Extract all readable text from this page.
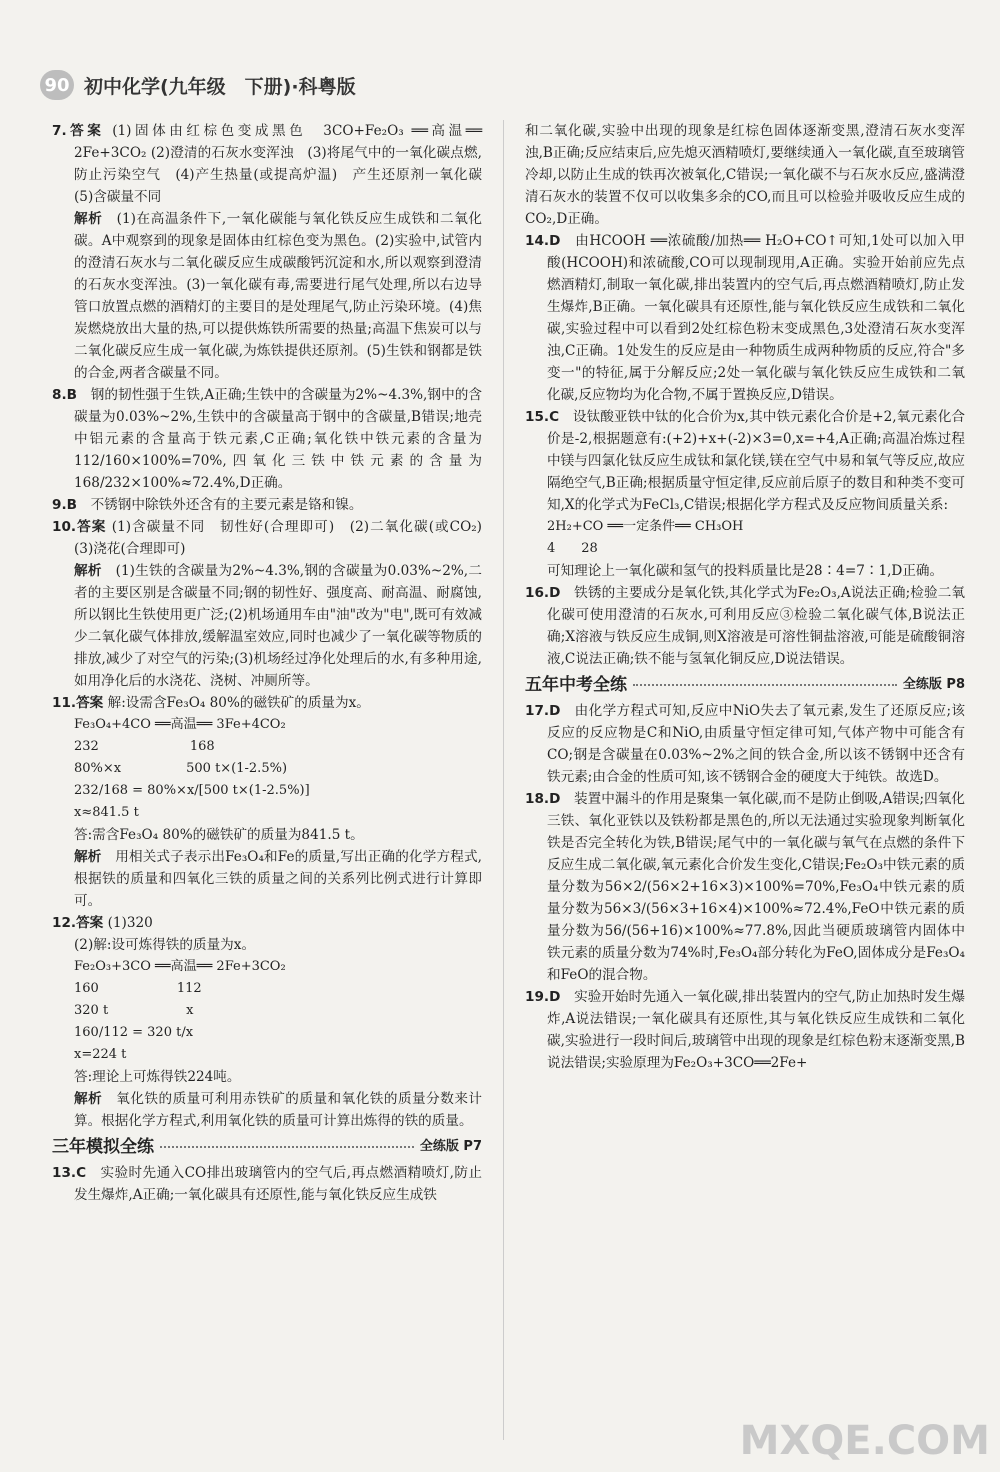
90 初中化学(九年级　下册)·科粤版

7.答案 (1)固体由红棕色变成黑色　3CO+Fe₂O₃ ══高温══ 2Fe+3CO₂ (2)澄清的石灰水变浑浊　(3)将尾气中的一氧化碳点燃,防止污染空气　(4)产生热量(或提高炉温)　产生还原剂一氧化碳　(5)含碳量不同

解析　(1)在高温条件下,一氧化碳能与氧化铁反应生成铁和二氧化碳。A中观察到的现象是固体由红棕色变为黑色。(2)实验中,试管内的澄清石灰水与二氧化碳反应生成碳酸钙沉淀和水,所以观察到澄清的石灰水变浑浊。(3)一氧化碳有毒,需要进行尾气处理,所以右边导管口放置点燃的酒精灯的主要目的是处理尾气,防止污染环境。(4)焦炭燃烧放出大量的热,可以提供炼铁所需要的热量;高温下焦炭可以与二氧化碳反应生成一氧化碳,为炼铁提供还原剂。(5)生铁和钢都是铁的合金,两者含碳量不同。

8.B　钢的韧性强于生铁,A正确;生铁中的含碳量为2%~4.3%,钢中的含碳量为0.03%~2%,生铁中的含碳量高于钢中的含碳量,B错误;地壳中铝元素的含量高于铁元素,C正确;氧化铁中铁元素的含量为112/160×100%=70%,四氧化三铁中铁元素的含量为168/232×100%≈72.4%,D正确。

9.B　不锈钢中除铁外还含有的主要元素是铬和镍。

10.答案 (1)含碳量不同　韧性好(合理即可)　(2)二氧化碳(或CO₂)　(3)浇花(合理即可)

解析　(1)生铁的含碳量为2%~4.3%,钢的含碳量为0.03%~2%,二者的主要区别是含碳量不同;钢的韧性好、强度高、耐高温、耐腐蚀,所以钢比生铁使用更广泛;(2)机场通用车由"油"改为"电",既可有效减少二氧化碳气体排放,缓解温室效应,同时也减少了一氧化碳等物质的排放,减少了对空气的污染;(3)机场经过净化处理后的水,有多种用途,如用净化后的水浇花、浇树、冲厕所等。

11.答案 解:设需含Fe₃O₄ 80%的磁铁矿的质量为x。

Fe₃O₄+4CO ══高温══ 3Fe+4CO₂

232　　　　　　　168

80%×x　　　　　500 t×(1-2.5%)

232/168 = 80%×x/[500 t×(1-2.5%)]

x≈841.5 t

答:需含Fe₃O₄ 80%的磁铁矿的质量为841.5 t。

解析　用相关式子表示出Fe₃O₄和Fe的质量,写出正确的化学方程式,根据铁的质量和四氧化三铁的质量之间的关系列比例式进行计算即可。

12.答案 (1)320

(2)解:设可炼得铁的质量为x。

Fe₂O₃+3CO ══高温══ 2Fe+3CO₂

160　　　　　　112

320 t　　　　　　x

160/112 = 320 t/x

x=224 t

答:理论上可炼得铁224吨。

解析　氧化铁的质量可利用赤铁矿的质量和氧化铁的质量分数来计算。根据化学方程式,利用氧化铁的质量可计算出炼得的铁的质量。

三年模拟全练	全练版 P7

13.C　实验时先通入CO排出玻璃管内的空气后,再点燃酒精喷灯,防止发生爆炸,A正确;一氧化碳具有还原性,能与氧化铁反应生成铁

和二氧化碳,实验中出现的现象是红棕色固体逐渐变黑,澄清石灰水变浑浊,B正确;反应结束后,应先熄灭酒精喷灯,要继续通入一氧化碳,直至玻璃管冷却,以防止生成的铁再次被氧化,C错误;一氧化碳不与石灰水反应,盛满澄清石灰水的装置不仅可以收集多余的CO,而且可以检验并吸收反应生成的CO₂,D正确。

14.D　由HCOOH ══浓硫酸/加热══ H₂O+CO↑可知,1处可以加入甲酸(HCOOH)和浓硫酸,CO可以现制现用,A正确。实验开始前应先点燃酒精灯,制取一氧化碳,排出装置内的空气后,再点燃酒精喷灯,防止发生爆炸,B正确。一氧化碳具有还原性,能与氧化铁反应生成铁和二氧化碳,实验过程中可以看到2处红棕色粉末变成黑色,3处澄清石灰水变浑浊,C正确。1处发生的反应是由一种物质生成两种物质的反应,符合"多变一"的特征,属于分解反应;2处一氧化碳与氧化铁反应生成铁和二氧化碳,反应物均为化合物,不属于置换反应,D错误。

15.C　设钛酸亚铁中钛的化合价为x,其中铁元素化合价是+2,氧元素化合价是-2,根据题意有:(+2)+x+(-2)×3=0,x=+4,A正确;高温冶炼过程中镁与四氯化钛反应生成钛和氯化镁,镁在空气中易和氧气等反应,故应隔绝空气,B正确;根据质量守恒定律,反应前后原子的数目和种类不变可知,X的化学式为FeCl₃,C错误;根据化学方程式及反应物间质量关系:

2H₂+CO ══一定条件══ CH₃OH

4　　28

可知理论上一氧化碳和氢气的投料质量比是28∶4=7∶1,D正确。

16.D　铁锈的主要成分是氧化铁,其化学式为Fe₂O₃,A说法正确;检验二氧化碳可使用澄清的石灰水,可利用反应③检验二氧化碳气体,B说法正确;X溶液与铁反应生成铜,则X溶液是可溶性铜盐溶液,可能是硫酸铜溶液,C说法正确;铁不能与氢氧化铜反应,D说法错误。

五年中考全练	全练版 P8

17.D　由化学方程式可知,反应中NiO失去了氧元素,发生了还原反应;该反应的反应物是C和NiO,由质量守恒定律可知,气体产物中可能含有CO;钢是含碳量在0.03%~2%之间的铁合金,所以该不锈钢中还含有铁元素;由合金的性质可知,该不锈钢合金的硬度大于纯铁。故选D。

18.D　装置中漏斗的作用是聚集一氧化碳,而不是防止倒吸,A错误;四氧化三铁、氧化亚铁以及铁粉都是黑色的,所以无法通过实验现象判断氧化铁是否完全转化为铁,B错误;尾气中的一氧化碳与氧气在点燃的条件下反应生成二氧化碳,氧元素化合价发生变化,C错误;Fe₂O₃中铁元素的质量分数为56×2/(56×2+16×3)×100%=70%,Fe₃O₄中铁元素的质量分数为56×3/(56×3+16×4)×100%≈72.4%,FeO中铁元素的质量分数为56/(56+16)×100%≈77.8%,因此当硬质玻璃管内固体中铁元素的质量分数为74%时,Fe₃O₄部分转化为FeO,固体成分是Fe₃O₄和FeO的混合物。

19.D　实验开始时先通入一氧化碳,排出装置内的空气,防止加热时发生爆炸,A说法错误;一氧化碳具有还原性,其与氧化铁反应生成铁和二氧化碳,实验进行一段时间后,玻璃管中出现的现象是红棕色粉末逐渐变黑,B说法错误;实验原理为Fe₂O₃+3CO══2Fe+

MXQE.COM
